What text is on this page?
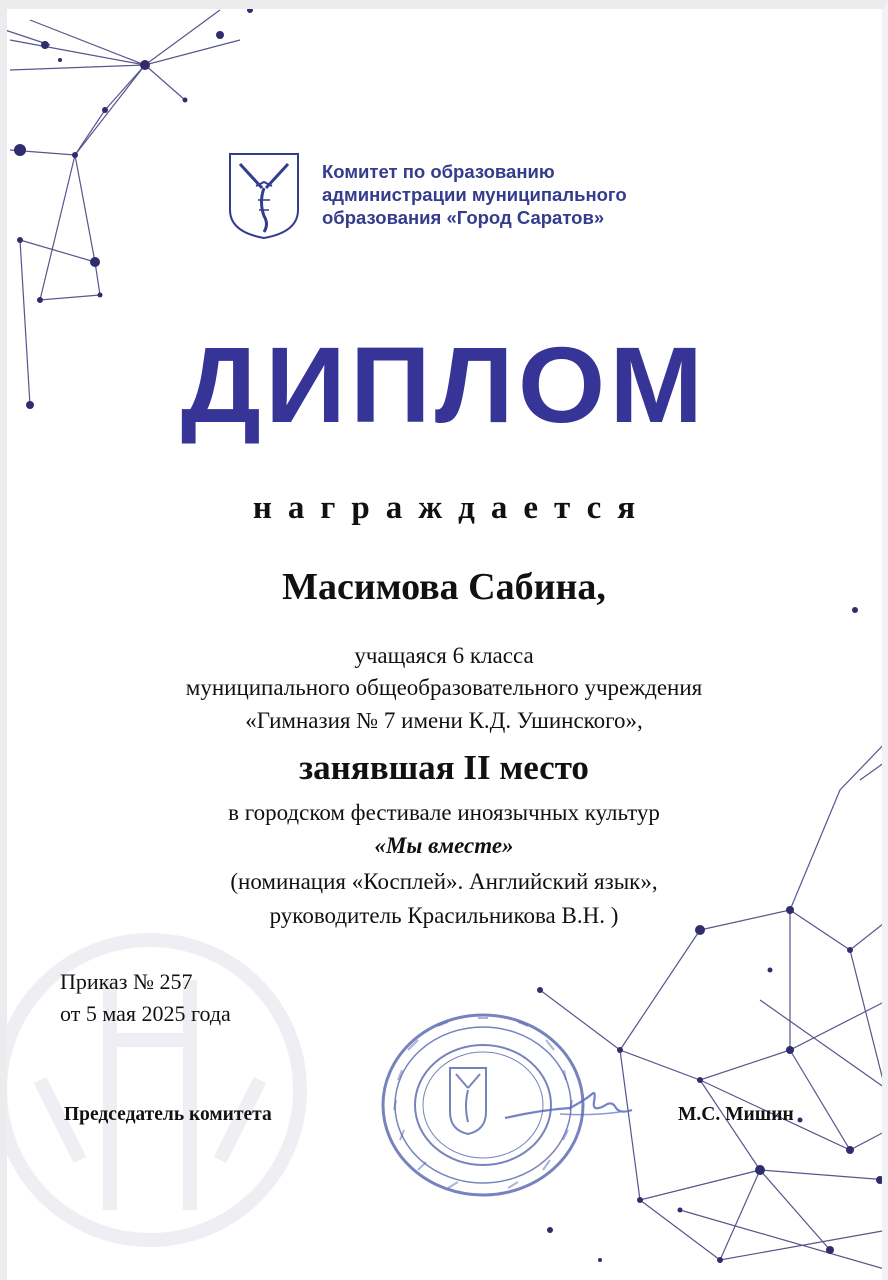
Комитет по образованию
администрации муниципального
образования «Город Саратов»
ДИПЛОМ
награждается
Масимова Сабина,
учащаяся 6 класса
муниципального общеобразовательного учреждения
«Гимназия № 7 имени К.Д. Ушинского»,
занявшая II место
в городском фестивале иноязычных культур
«Мы вместе»
(номинация «Косплей». Английский язык»,
руководитель Красильникова В.Н. )
Приказ № 257
от 5 мая 2025 года
Председатель комитета	М.С. Мишин
